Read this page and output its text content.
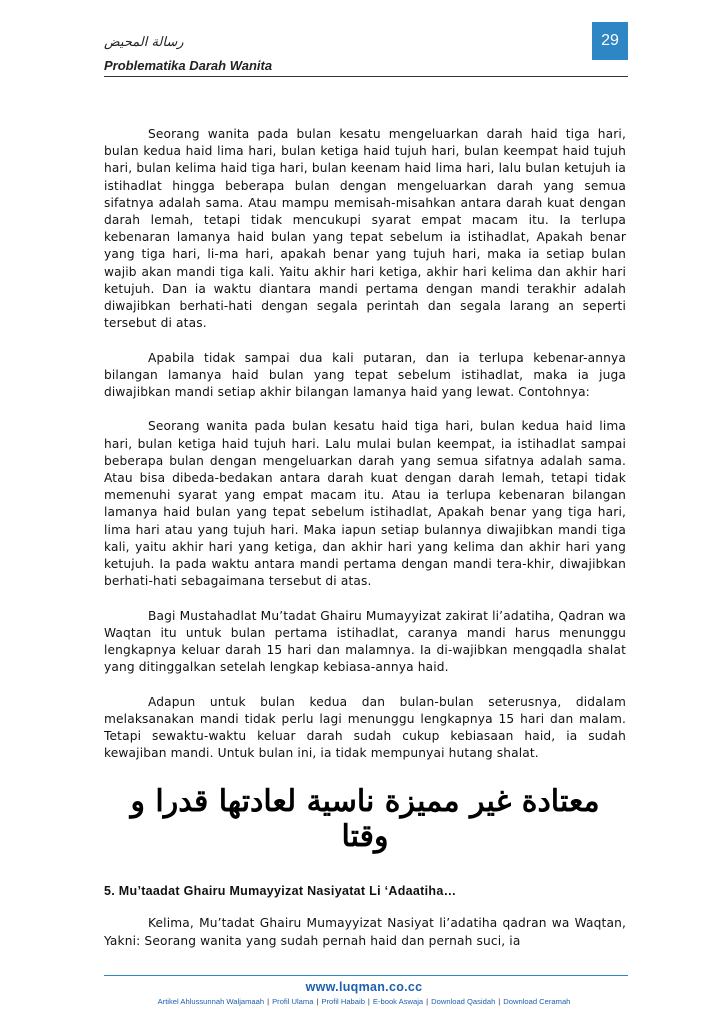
رسالة المحيض	29
Problematika Darah Wanita

Seorang wanita pada bulan kesatu mengeluarkan darah haid tiga hari, bulan kedua haid lima hari, bulan ketiga haid tujuh hari, bulan keempat haid tujuh hari, bulan kelima haid tiga hari, bulan keenam haid lima hari, lalu bulan ketujuh ia istihadlat hingga beberapa bulan dengan mengeluarkan darah yang semua sifatnya adalah sama. Atau mampu memisah-misahkan antara darah kuat dengan darah lemah, tetapi tidak mencukupi syarat empat macam itu. Ia terlupa kebenaran lamanya haid bulan yang tepat sebelum ia istihadlat, Apakah benar yang tiga hari, li-ma hari, apakah benar yang tujuh hari, maka ia setiap bulan wajib akan mandi tiga kali. Yaitu akhir hari ketiga, akhir hari kelima dan akhir hari ketujuh. Dan ia waktu diantara mandi pertama dengan mandi terakhir adalah diwajibkan berhati-hati dengan segala perintah dan segala larang an seperti tersebut di atas.

Apabila tidak sampai dua kali putaran, dan ia terlupa kebenar-annya bilangan lamanya haid bulan yang tepat sebelum istihadlat, maka ia juga diwajibkan mandi setiap akhir bilangan lamanya haid yang lewat. Contohnya:

Seorang wanita pada bulan kesatu haid tiga hari, bulan kedua haid lima hari, bulan ketiga haid tujuh hari. Lalu mulai bulan keempat, ia istihadlat sampai beberapa bulan dengan mengeluarkan darah yang semua sifatnya adalah sama. Atau bisa dibeda-bedakan antara darah kuat dengan darah lemah, tetapi tidak memenuhi syarat yang empat macam itu. Atau ia terlupa kebenaran bilangan lamanya haid bulan yang tepat sebelum istihadlat, Apakah benar yang tiga hari, lima hari atau yang tujuh hari. Maka iapun setiap bulannya diwajibkan mandi tiga kali, yaitu akhir hari yang ketiga, dan akhir hari yang kelima dan akhir hari yang ketujuh. Ia pada waktu antara mandi pertama dengan mandi tera-khir, diwajibkan berhati-hati sebagaimana tersebut di atas.

Bagi Mustahadlat Mu’tadat Ghairu Mumayyizat zakirat li’adatiha, Qadran wa Waqtan itu untuk bulan pertama istihadlat, caranya mandi harus menunggu lengkapnya keluar darah 15 hari dan malamnya. Ia di-wajibkan mengqadla shalat yang ditinggalkan setelah lengkap kebiasa-annya haid.

Adapun untuk bulan kedua dan bulan-bulan seterusnya, didalam melaksanakan mandi tidak perlu lagi menunggu lengkapnya 15 hari dan malam. Tetapi sewaktu-waktu keluar darah sudah cukup kebiasaan haid, ia sudah kewajiban mandi. Untuk bulan ini, ia tidak mempunyai hutang shalat.

معتادة غير مميزة ناسية لعادتها قدرا و وقتا
5. Mu’taadat Ghairu Mumayyizat Nasiyatat Li ‘Adaatiha…

Kelima, Mu’tadat Ghairu Mumayyizat Nasiyat li’adatiha qadran wa Waqtan, Yakni: Seorang wanita yang sudah pernah haid dan pernah suci, ia

www.luqman.co.cc
Artikel Ahlussunnah Waljamaah | Profil Ulama | Profil Habaib | E-book Aswaja | Download Qasidah | Download Ceramah
